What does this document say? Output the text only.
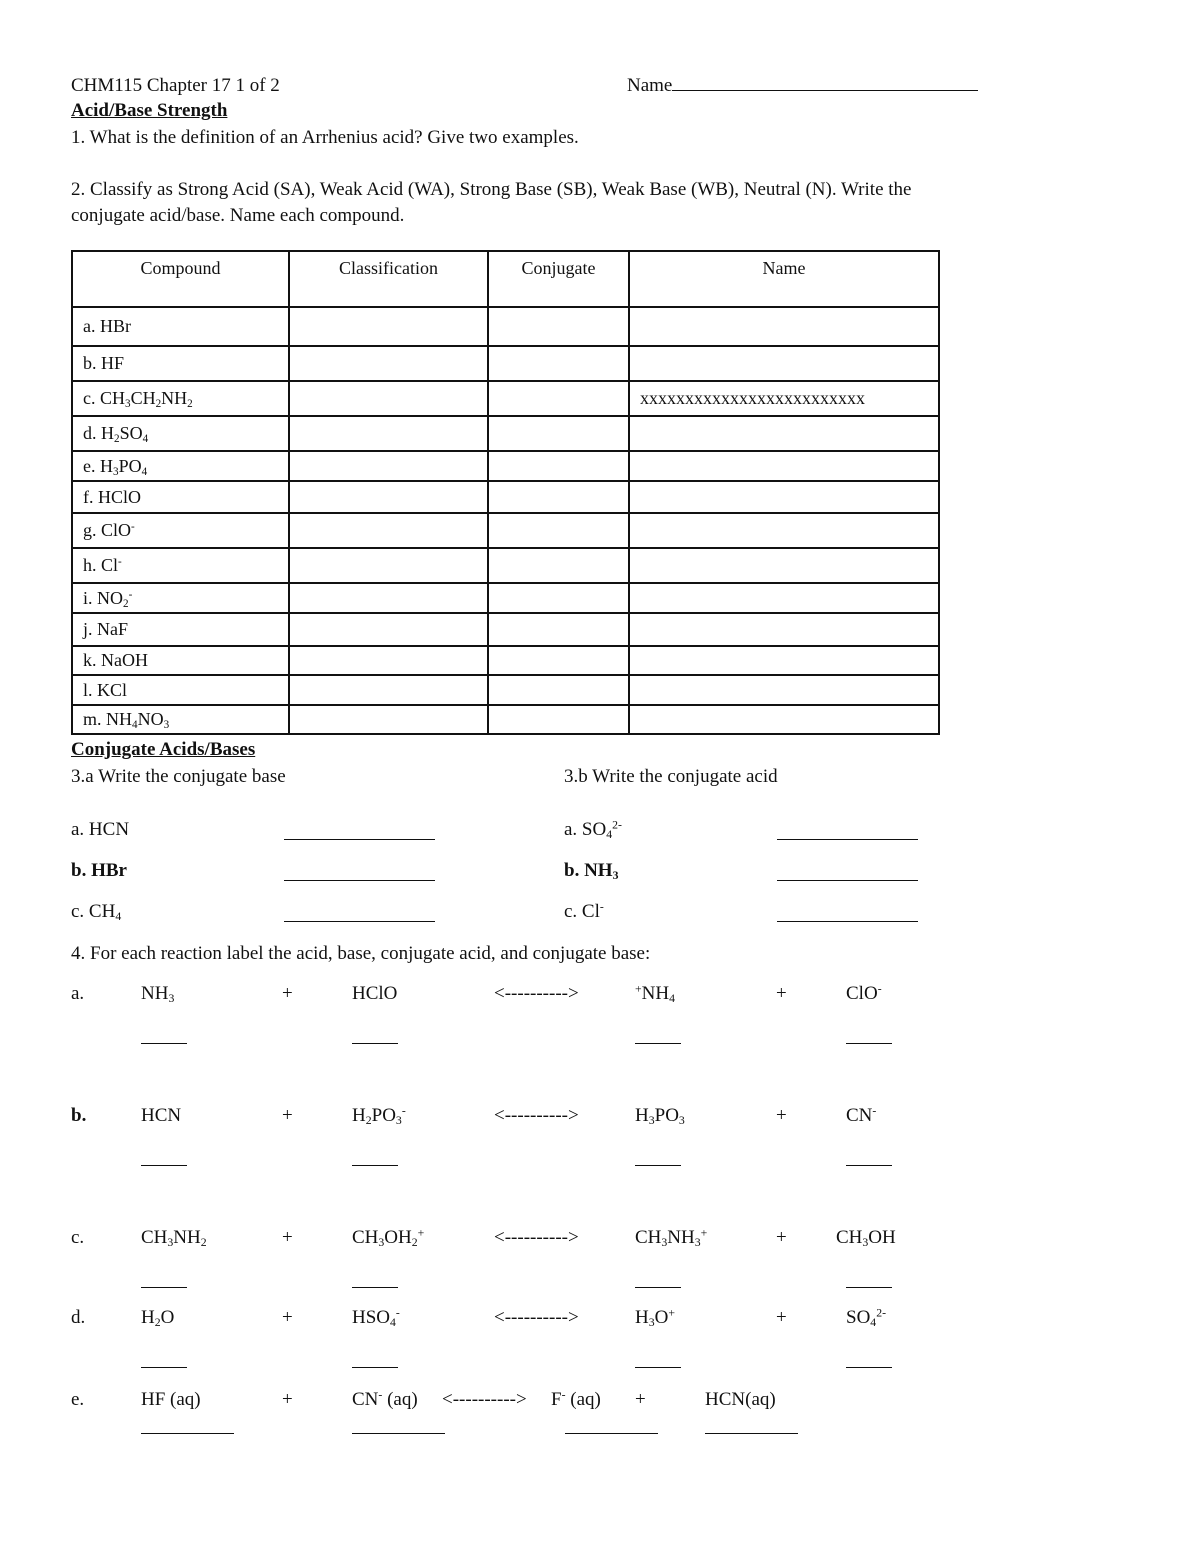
CHM115 Chapter 17 1 of 2	Name
Acid/Base Strength
1. What is the definition of an Arrhenius acid? Give two examples.
2. Classify as Strong Acid (SA), Weak Acid (WA), Strong Base (SB), Weak Base (WB), Neutral (N). Write the
conjugate acid/base. Name each compound.
Compound	Classification	Conjugate	Name
a. HBr			
b. HF			
c. $CH_3CH_2NH_2$			xxxxxxxxxxxxxxxxxxxxxxxxx
d. $H_2SO_4$			
e. $H_3PO_4$			
f. HClO			
g. ClO-			
h. Cl-			
i. $NO_2^-$			
j. NaF			
k. NaOH			
l. KCl			
m. $NH_4NO_3$			
Conjugate Acids/Bases
3.a Write the conjugate base	3.b Write the conjugate acid
a. HCN
b. HBr
c. $CH_4$
a. $SO_4^{2-}$
b. $NH_3$
c. Cl-
4. For each reaction label the acid, base, conjugate acid, and conjugate base:
a.	$NH_3$	+	HClO	<---------->	$^+NH_4$	+	ClO-
b.	HCN	+	$H_2PO_3^-$	<---------->	$H_3PO_3$	+	CN-
c.	$CH_3NH_2$	+	$CH_3OH_2^+$	<---------->	$CH_3NH_3^+$	+	$CH_3OH$
d.	$H_2O$	+	$HSO_4^-$	<---------->	$H_3O^+$	+	$SO_4^{2-}$
e.	HF (aq)	+	CN- (aq) <----------> F- (aq) +	HCN(aq)
